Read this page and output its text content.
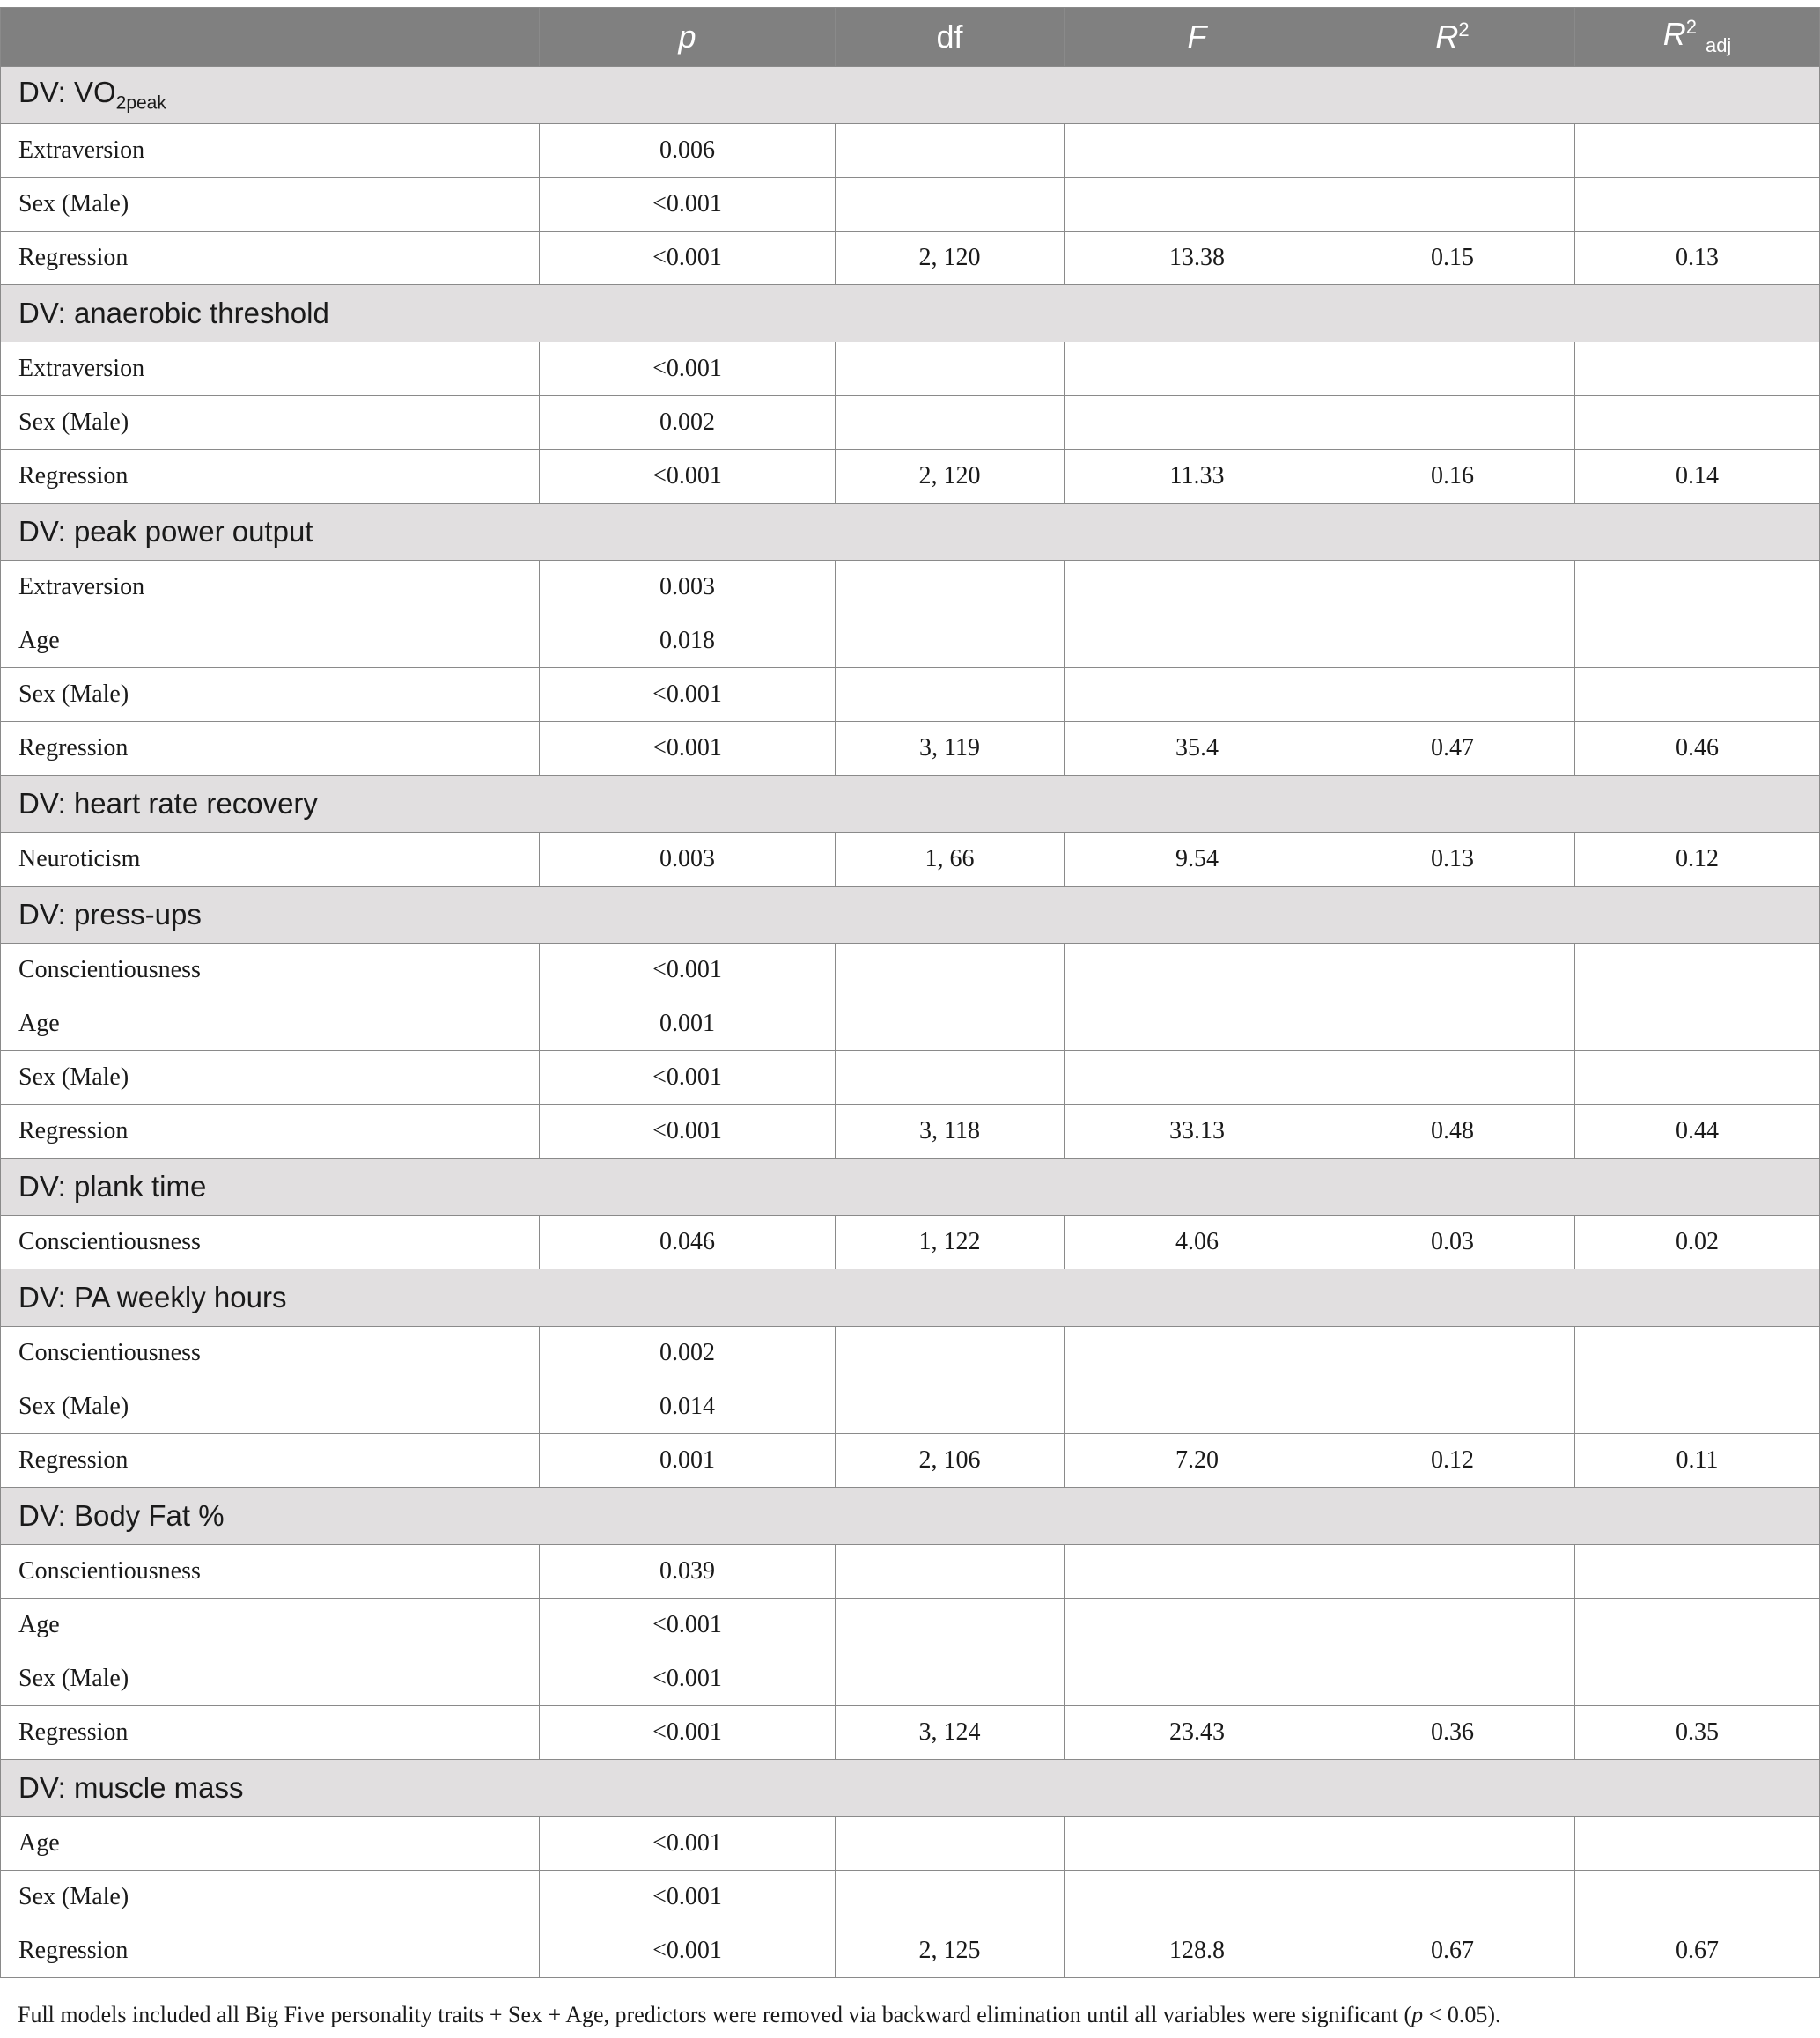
	p	df	F	$R^2$	$R^2$ $_{adj}$
DV: $VO_{2peak}$
Extraversion	0.006				
Sex (Male)	<0.001				
Regression	<0.001	2, 120	13.38	0.15	0.13
DV: anaerobic threshold					
Extraversion	<0.001				
Sex (Male)	0.002				
Regression	<0.001	2, 120	11.33	0.16	0.14
DV: peak power output					
Extraversion	0.003				
Age	0.018				
Sex (Male)	<0.001				
Regression	<0.001	3, 119	35.4	0.47	0.46
DV: heart rate recovery					
Neuroticism	0.003	1, 66	9.54	0.13	0.12
DV: press-ups					
Conscientiousness	<0.001				
Age	0.001				
Sex (Male)	<0.001				
Regression	<0.001	3, 118	33.13	0.48	0.44
DV: plank time					
Conscientiousness	0.046	1, 122	4.06	0.03	0.02
DV: PA weekly hours					
Conscientiousness	0.002				
Sex (Male)	0.014				
Regression	0.001	2, 106	7.20	0.12	0.11
DV: Body Fat %					
Conscientiousness	0.039				
Age	<0.001				
Sex (Male)	<0.001				
Regression	<0.001	3, 124	23.43	0.36	0.35
DV: muscle mass					
Age	<0.001				
Sex (Male)	<0.001				
Regression	<0.001	2, 125	128.8	0.67	0.67
Full models included all Big Five personality traits + Sex + Age, predictors were removed via backward elimination until all variables were significant (p < 0.05).
